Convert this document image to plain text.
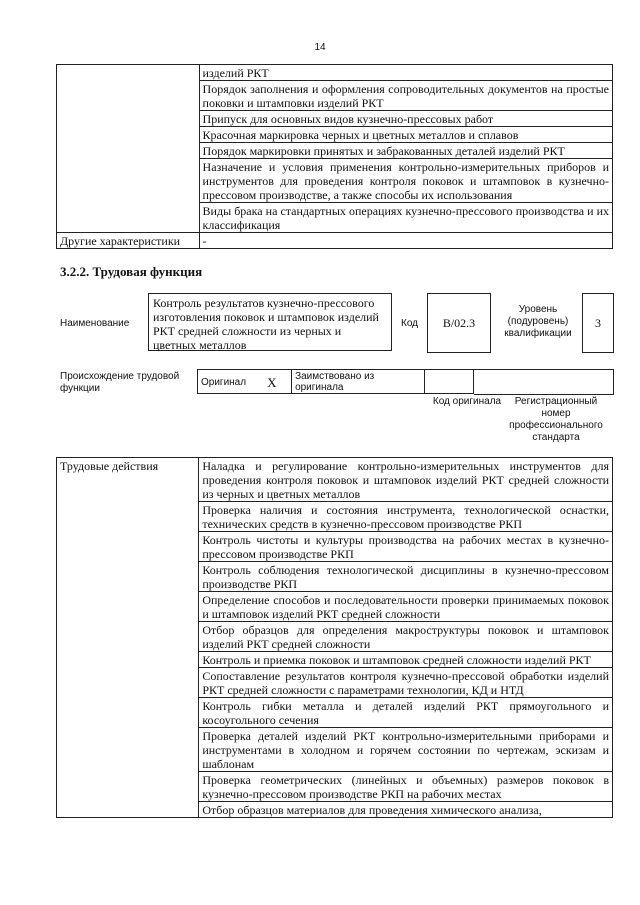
14
	изделий РКТ
	Порядок заполнения и оформления сопроводительных документов на простые поковки и штамповки изделий РКТ
	Припуск для основных видов кузнечно-прессовых работ
	Красочная маркировка черных и цветных металлов и сплавов
	Порядок маркировки принятых и забракованных деталей изделий РКТ
	Назначение и условия применения контрольно-измерительных приборов и инструментов для проведения контроля поковок и штамповок в кузнечно-прессовом производстве, а также способы их использования
	Виды брака на стандартных операциях кузнечно-прессового производства и их классификация
Другие характеристики	-
3.2.2. Трудовая функция
Наименование
Контроль результатов кузнечно-прессового изготовления поковок и штамповок изделий РКТ средней сложности из черных и цветных металлов
Код В/02.3
Уровень (подуровень) квалификации
3
Происхождение трудовой функции
Оригинал	X	Заимствовано из оригинала	
Код оригинала	Регистрационный номер профессионального стандарта
Трудовые действия	Наладка и регулирование контрольно-измерительных инструментов для проведения контроля поковок и штамповок изделий РКТ средней сложности из черных и цветных металлов
Проверка наличия и состояния инструмента, технологической оснастки, технических средств в кузнечно-прессовом производстве РКП
Контроль чистоты и культуры производства на рабочих местах в кузнечно-прессовом производстве РКП
Контроль соблюдения технологической дисциплины в кузнечно-прессовом производстве РКП
Определение способов и последовательности проверки принимаемых поковок и штамповок изделий РКТ средней сложности
Отбор образцов для определения макроструктуры поковок и штамповок изделий РКТ средней сложности
Контроль и приемка поковок и штамповок средней сложности изделий РКТ
Сопоставление результатов контроля кузнечно-прессовой обработки изделий РКТ средней сложности с параметрами технологии, КД и НТД
Контроль гибки металла и деталей изделий РКТ прямоугольного и косоугольного сечения
Проверка деталей изделий РКТ контрольно-измерительными приборами и инструментами в холодном и горячем состоянии по чертежам, эскизам и шаблонам
Проверка геометрических (линейных и объемных) размеров поковок в кузнечно-прессовом производстве РКП на рабочих местах
Отбор образцов материалов для проведения химического анализа,
